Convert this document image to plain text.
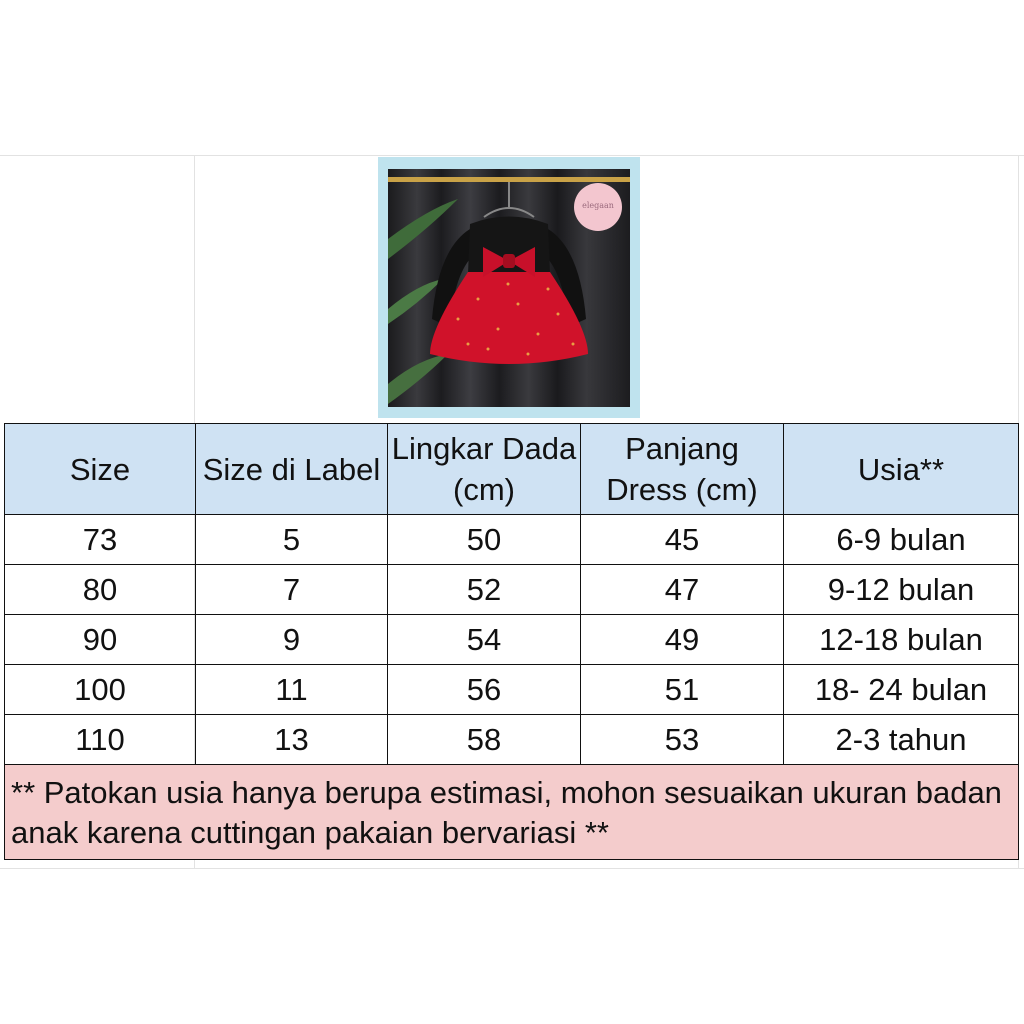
elegaan
Size	Size di Label	Lingkar Dada (cm)	Panjang Dress (cm)	Usia**
73	5	50	45	6-9 bulan
80	7	52	47	9-12 bulan
90	9	54	49	12-18 bulan
100	11	56	51	18- 24 bulan
110	13	58	53	2-3 tahun
** Patokan usia hanya berupa estimasi, mohon sesuaikan ukuran badan anak karena cuttingan pakaian bervariasi **				
